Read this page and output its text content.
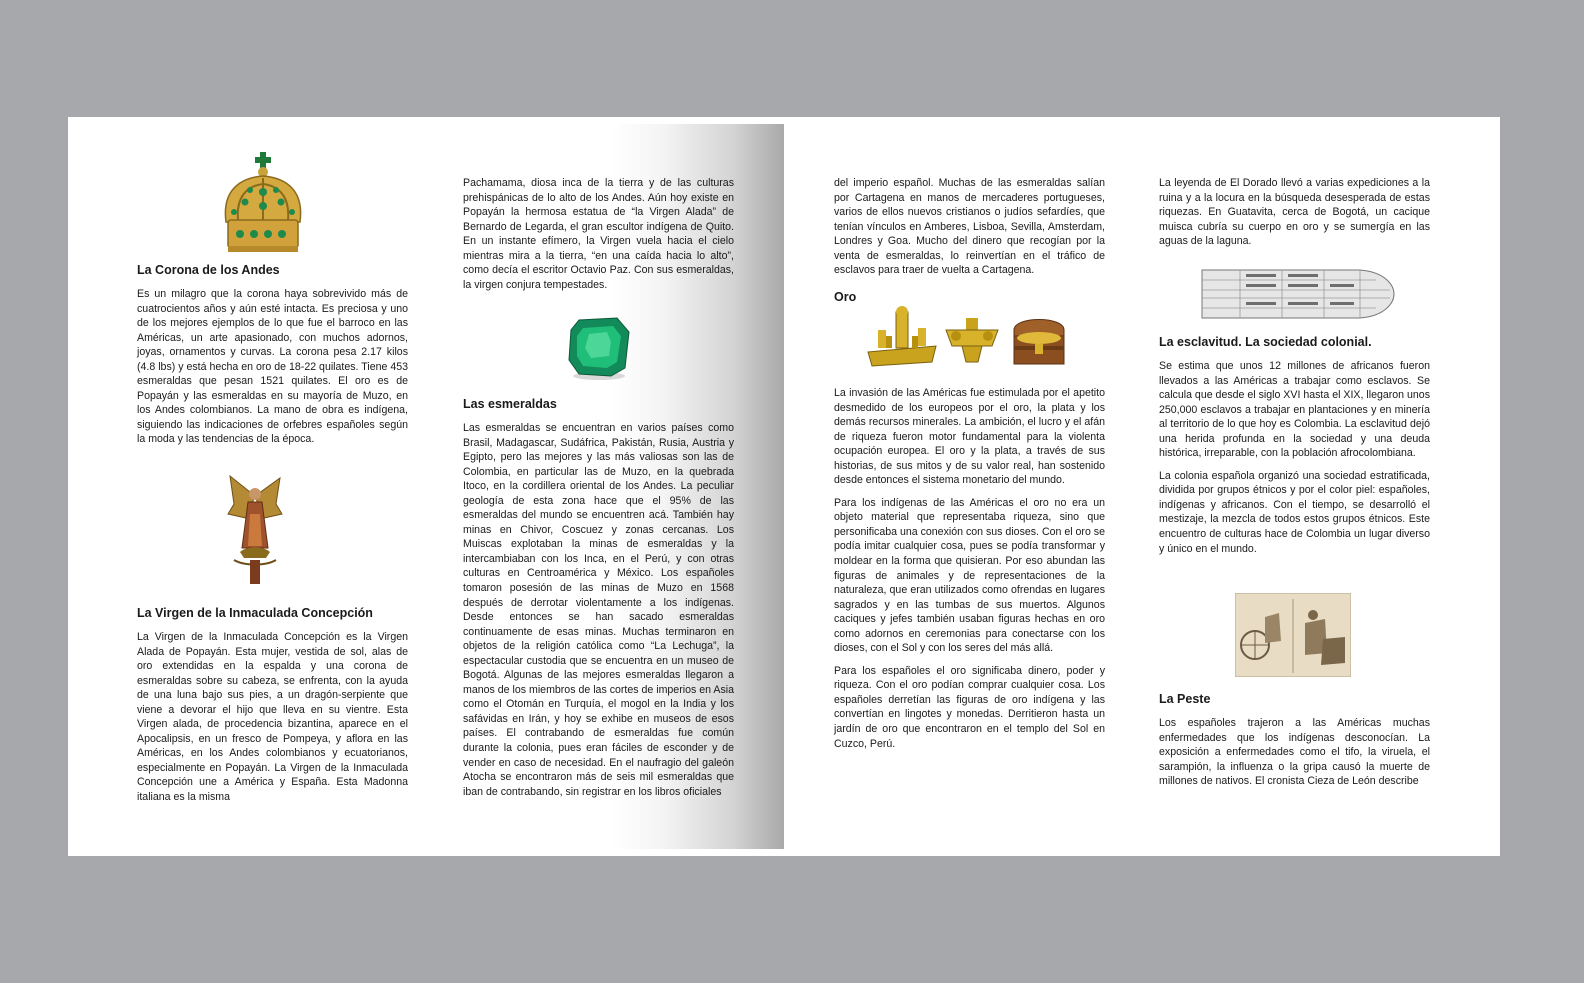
La Corona de los Andes

Es un milagro que la corona haya sobrevivido más de cuatrocientos años y aún esté intacta. Es preciosa y uno de los mejores ejemplos de lo que fue el barroco en las Américas, un arte apasionado, con muchos adornos, joyas, ornamentos y curvas. La corona pesa 2.17 kilos (4.8 lbs) y está hecha en oro de 18-22 quilates. Tiene 453 esmeraldas que pesan 1521 quilates. El oro es de Popayán y las esmeraldas en su mayoría de Muzo, en los Andes colombianos. La mano de obra es indígena, siguiendo las indicaciones de orfebres españoles según la moda y las tendencias de la época.

La Virgen de la Inmaculada Concepción

La Virgen de la Inmaculada Concepción es la Virgen Alada de Popayán. Esta mujer, vestida de sol, alas de oro extendidas en la espalda y una corona de esmeraldas sobre su cabeza, se enfrenta, con la ayuda de una luna bajo sus pies, a un dragón-serpiente que viene a devorar el hijo que lleva en su vientre. Esta Virgen alada, de procedencia bizantina, aparece en el Apocalipsis, en un fresco de Pompeya, y aflora en las Américas, en los Andes colombianos y ecuatorianos, especialmente en Popayán. La Virgen de la Inmaculada Concepción une a América y España. Esta Madonna italiana es la misma

Pachamama, diosa inca de la tierra y de las culturas prehispánicas de lo alto de los Andes. Aún hoy existe en Popayán la hermosa estatua de “la Virgen Alada” de Bernardo de Legarda, el gran escultor indígena de Quito. En un instante efímero, la Virgen vuela hacia el cielo mientras mira a la tierra, “en una caída hacia lo alto”, como decía el escritor Octavio Paz. Con sus esmeraldas, la virgen conjura tempestades.

Las esmeraldas

Las esmeraldas se encuentran en varios países como Brasil, Madagascar, Sudáfrica, Pakistán, Rusia, Austria y Egipto, pero las mejores y las más valiosas son las de Colombia, en particular las de Muzo, en la quebrada Itoco, en la cordillera oriental de los Andes. La peculiar geología de esta zona hace que el 95% de las esmeraldas del mundo se encuentren acá. También hay minas en Chivor, Coscuez y zonas cercanas. Los Muiscas explotaban la minas de esmeraldas y la intercambiaban con los Inca, en el Perú, y con otras culturas en Centroamérica y México. Los españoles tomaron posesión de las minas de Muzo en 1568 después de derrotar violentamente a los indígenas. Desde entonces se han sacado esmeraldas continuamente de esas minas. Muchas terminaron en objetos de la religión católica como “La Lechuga”, la espectacular custodia que se encuentra en un museo de Bogotá. Algunas de las mejores esmeraldas llegaron a manos de los miembros de las cortes de imperios en Asia como el Otomán en Turquía, el mogol en la India y los safávidas en Irán, y hoy se exhibe en museos de esos países. El contrabando de esmeraldas fue común durante la colonia, pues eran fáciles de esconder y de vender en caso de necesidad. En el naufragio del galeón Atocha se encontraron más de seis mil esmeraldas que iban de contrabando, sin registrar en los libros oficiales

del imperio español. Muchas de las esmeraldas salían por Cartagena en manos de mercaderes portugueses, varios de ellos nuevos cristianos o judíos sefardíes, que tenían vínculos en Amberes, Lisboa, Sevilla, Amsterdam, Londres y Goa. Mucho del dinero que recogían por la venta de esmeraldas, lo reinvertían en el tráfico de esclavos para traer de vuelta a Cartagena.

Oro

La invasión de las Américas fue estimulada por el apetito desmedido de los europeos por el oro, la plata y los demás recursos minerales. La ambición, el lucro y el afán de riqueza fueron motor fundamental para la violenta ocupación europea. El oro y la plata, a través de sus historias, de sus mitos y de su valor real, han sostenido desde entonces el sistema monetario del mundo.

Para los indígenas de las Américas el oro no era un objeto material que representaba riqueza, sino que personificaba una conexión con sus dioses. Con el oro se podía imitar cualquier cosa, pues se podía transformar y moldear en la forma que quisieran. Por eso abundan las figuras de animales y de representaciones de la naturaleza, que eran utilizados como ofrendas en lugares sagrados y en las tumbas de sus muertos. Algunos caciques y jefes también usaban figuras hechas en oro como adornos en ceremonias para conectarse con los dioses, con el Sol y con los seres del más allá.

Para los españoles el oro significaba dinero, poder y riqueza. Con el oro podían comprar cualquier cosa. Los españoles derretían las figuras de oro indígena y las convertían en lingotes y monedas. Derritieron hasta un jardín de oro que encontraron en el templo del Sol en Cuzco, Perú.

La leyenda de El Dorado llevó a varias expediciones a la ruina y a la locura en la búsqueda desesperada de estas riquezas. En Guatavita, cerca de Bogotá, un cacique muisca cubría su cuerpo en oro y se sumergía en las aguas de la laguna.

La esclavitud. La sociedad colonial.

Se estima que unos 12 millones de africanos fueron llevados a las Américas a trabajar como esclavos. Se calcula que desde el siglo XVI hasta el XIX, llegaron unos 250,000 esclavos a trabajar en plantaciones y en minería al territorio de lo que hoy es Colombia. La esclavitud dejó una herida profunda en la sociedad y una deuda histórica, irreparable, con la población afrocolombiana.

La colonia española organizó una sociedad estratificada, dividida por grupos étnicos y por el color piel: españoles, indígenas y africanos. Con el tiempo, se desarrolló el mestizaje, la mezcla de todos estos grupos étnicos. Este encuentro de culturas hace de Colombia un lugar diverso y único en el mundo.

La Peste

Los españoles trajeron a las Américas muchas enfermedades que los indígenas desconocían. La exposición a enfermedades como el tifo, la viruela, el sarampión, la influenza o la gripa causó la muerte de millones de nativos. El cronista Cieza de León describe
